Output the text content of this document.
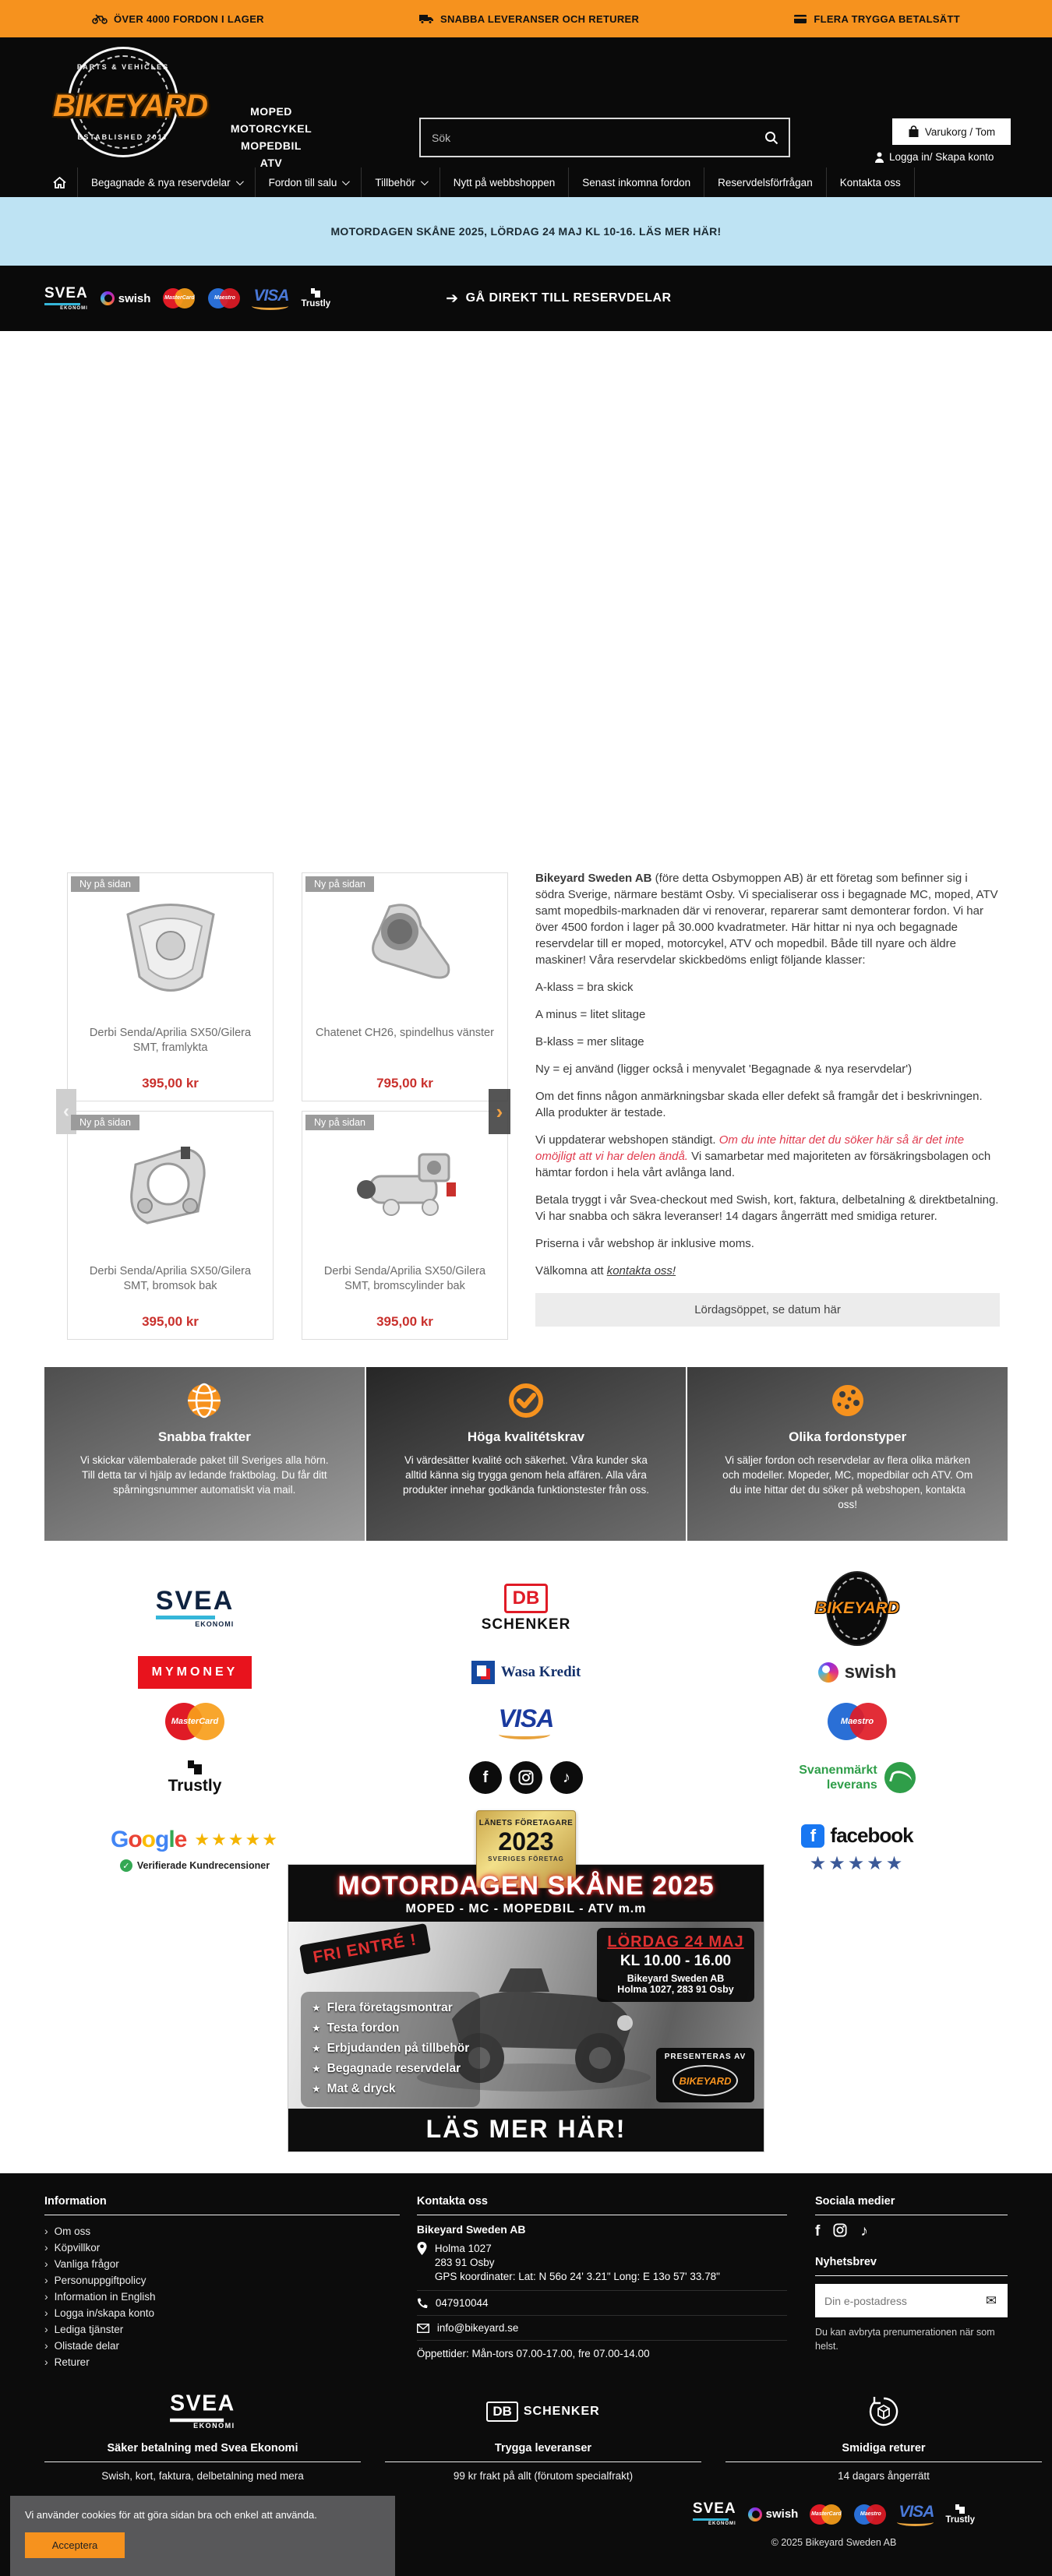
ÖVER 4000 FORDON I LAGER	SNABBA LEVERANSER OCH RETURER	FLERA TRYGGA BETALSÄTT
PARTS & VEHICLES
ESTABLISHED 2017
BIKEYARD	MOPED
MOTORCYKEL
MOPEDBIL
ATV
Sök
Varukorg / Tom
Logga in/ Skapa konto
Begagnade & nya reservdelar	Fordon till salu	Tillbehör	Nytt på webbshoppen	Senast inkomna fordon	Reservdelsförfrågan	Kontakta oss
MOTORDAGEN SKÅNE 2025, LÖRDAG 24 MAJ KL 10-16. LÄS MER HÄR!
SVEA
EKONOMI
swish	MasterCard	Maestro	VISA Trustly	➔ GÅ DIREKT TILL RESERVDELAR
Ny på sidan
Derbi Senda/Aprilia SX50/Gilera SMT, framlykta
395,00 kr
Ny på sidan
Chatenet CH26, spindelhus vänster
795,00 kr
Ny på sidan
Derbi Senda/Aprilia SX50/Gilera SMT, bromsok bak
395,00 kr
Ny på sidan
Derbi Senda/Aprilia SX50/Gilera SMT, bromscylinder bak
395,00 kr
‹	›

Bikeyard Sweden AB (före detta Osbymoppen AB) är ett företag som befinner sig i södra Sverige, närmare bestämt Osby. Vi specialiserar oss i begagnade MC, moped, ATV samt mopedbils-marknaden där vi renoverar, reparerar samt demonterar fordon. Vi har över 4500 fordon i lager på 30.000 kvadratmeter. Här hittar ni nya och begagnade reservdelar till er moped, motorcykel, ATV och mopedbil. Både till nyare och äldre maskiner! Våra reservdelar skickbedöms enligt följande klasser:

A-klass = bra skick

A minus = litet slitage

B-klass = mer slitage

Ny = ej använd (ligger också i menyvalet 'Begagnade & nya reservdelar')

Om det finns någon anmärkningsbar skada eller defekt så framgår det i beskrivningen. Alla produkter är testade.

Vi uppdaterar webshopen ständigt. Om du inte hittar det du söker här så är det inte omöjligt att vi har delen ändå. Vi samarbetar med majoriteten av försäkringsbolagen och hämtar fordon i hela vårt avlånga land.

Betala tryggt i vår Svea-checkout med Swish, kort, faktura, delbetalning & direktbetalning. Vi har snabba och säkra leveranser! 14 dagars ångerrätt med smidiga returer.

Priserna i vår webshop är inklusive moms.

Välkomna att kontakta oss!

Lördagsöppet, se datum här
Snabba frakter

Vi skickar välembalerade paket till Sveriges alla hörn. Till detta tar vi hjälp av ledande fraktbolag. Du får ditt spårningsnummer automatiskt via mail.

Höga kvalitétskrav

Vi värdesätter kvalité och säkerhet. Våra kunder ska alltid känna sig trygga genom hela affären. Alla våra produkter innehar godkända funktionstester från oss.

Olika fordonstyper

Vi säljer fordon och reservdelar av flera olika märken och modeller. Mopeder, MC, mopedbilar och ATV. Om du inte hittar det du söker på webshopen, kontakta oss!

SVEA
EKONOMI
DB
SCHENKER
BIKEYARD
MYMONEY	Wasa Kredit	swish
MasterCard	VISA	Maestro
Trustly	f	♪	Svanenmärkt
leverans
Google ★★★★★
✓ Verifierade Kundrecensioner
LÄNETS FÖRETAGARE
2023
SVERIGES FÖRETAG
f facebook
★★★★★
MOTORDAGEN SKÅNE 2025
MOPED - MC - MOPEDBIL - ATV m.m
FRI ENTRÉ !	LÖRDAG 24 MAJ
KL 10.00 - 16.00
Bikeyard Sweden AB
Holma 1027, 283 91 Osby
★ Flera företagsmontrar
★ Testa fordon
★ Erbjudanden på tillbehör
★ Begagnade reservdelar
★ Mat & dryck
PRESENTERAS AV
BIKEYARD
LÄS MER HÄR!
Information
› Om oss
› Köpvillkor
› Vanliga frågor
› Personuppgiftpolicy
› Information in English
› Logga in/skapa konto
› Lediga tjänster
› Olistade delar
› Returer
Kontakta oss
Bikeyard Sweden AB
Holma 1027
283 91 Osby
GPS koordinater: Lat: N 56o 24' 3.21" Long: E 13o 57' 33.78"
047910044
info@bikeyard.se
Öppettider: Mån-tors 07.00-17.00, fre 07.00-14.00
Sociala medier
f	♪
Nyhetsbrev
Din e-postadress
✉
Du kan avbryta prenumerationen när som helst.
SVEA
EKONOMI
Säker betalning med Svea Ekonomi
Swish, kort, faktura, delbetalning med mera
DB SCHENKER
Trygga leveranser
99 kr frakt på allt (förutom specialfrakt)
Smidiga returer
14 dagars ångerrätt

Vi använder cookies för att göra sidan bra och enkel att använda.

Acceptera
SVEA
EKONOMI
swish MasterCard	Maestro	VISA Trustly
© 2025 Bikeyard Sweden AB
